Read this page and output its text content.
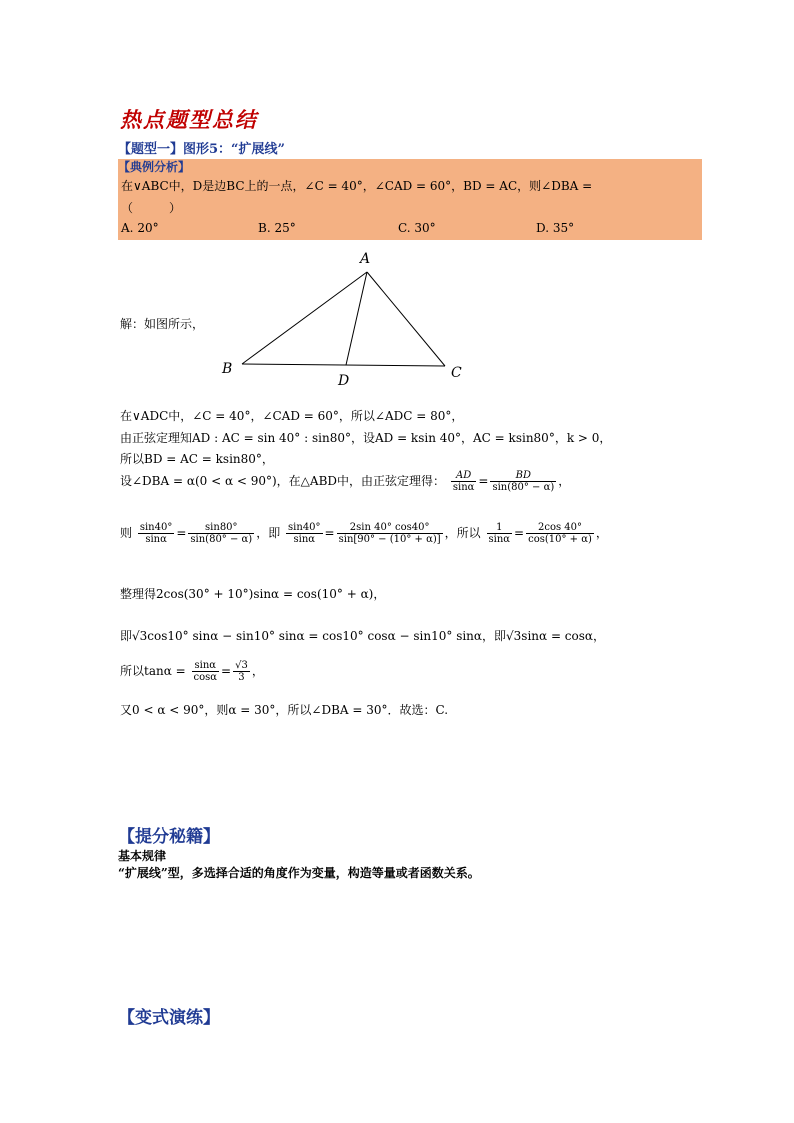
热点题型总结
【题型一】图形5：“扩展线”
【典例分析】
在∨ABC中，D是边BC上的一点，∠C = 40°，∠CAD = 60°，BD = AC，则∠DBA =
（　　　）
A. 20°	B. 25°	C. 30°	D. 35°
A
B	C
D
解：如图所示，
在∨ADC中，∠C = 40°，∠CAD = 60°，所以∠ADC = 80°，
由正弦定理知AD : AC = sin 40° : sin80°，设AD = ksin 40°，AC = ksin80°，k > 0，
所以BD = AC = ksin80°，
设∠DBA = α(0 < α < 90°)，在△ABD中，由正弦定理得： $\frac{AD}{\sin\alpha} = \frac{BD}{\sin(80^\circ - \alpha)}$ ，
则 $\frac{\sin 40^\circ}{\sin\alpha} = \frac{\sin 80^\circ}{\sin(80^\circ - \alpha)}$ ，即 $\frac{\sin 40^\circ}{\sin\alpha} = \frac{2\sin 40^\circ \cos 40^\circ}{\sin[90^\circ - (10^\circ + \alpha)]}$ ，所以 $\frac{1}{\sin\alpha} = \frac{2\cos 40^\circ}{\cos(10^\circ + \alpha)}$ ，
整理得2cos(30° + 10°)sinα = cos(10° + α)，
即√3cos10° sinα − sin10° sinα = cos10° cosα − sin10° sinα，即√3sinα = cosα，
所以$\tan\alpha = \frac{\sin\alpha}{\cos\alpha} = \frac{√3}{3}$ ，
又0 < α < 90°，则α = 30°，所以∠DBA = 30°．故选：C.
【提分秘籍】
基本规律
“扩展线”型，多选择合适的角度作为变量，构造等量或者函数关系。
【变式演练】
